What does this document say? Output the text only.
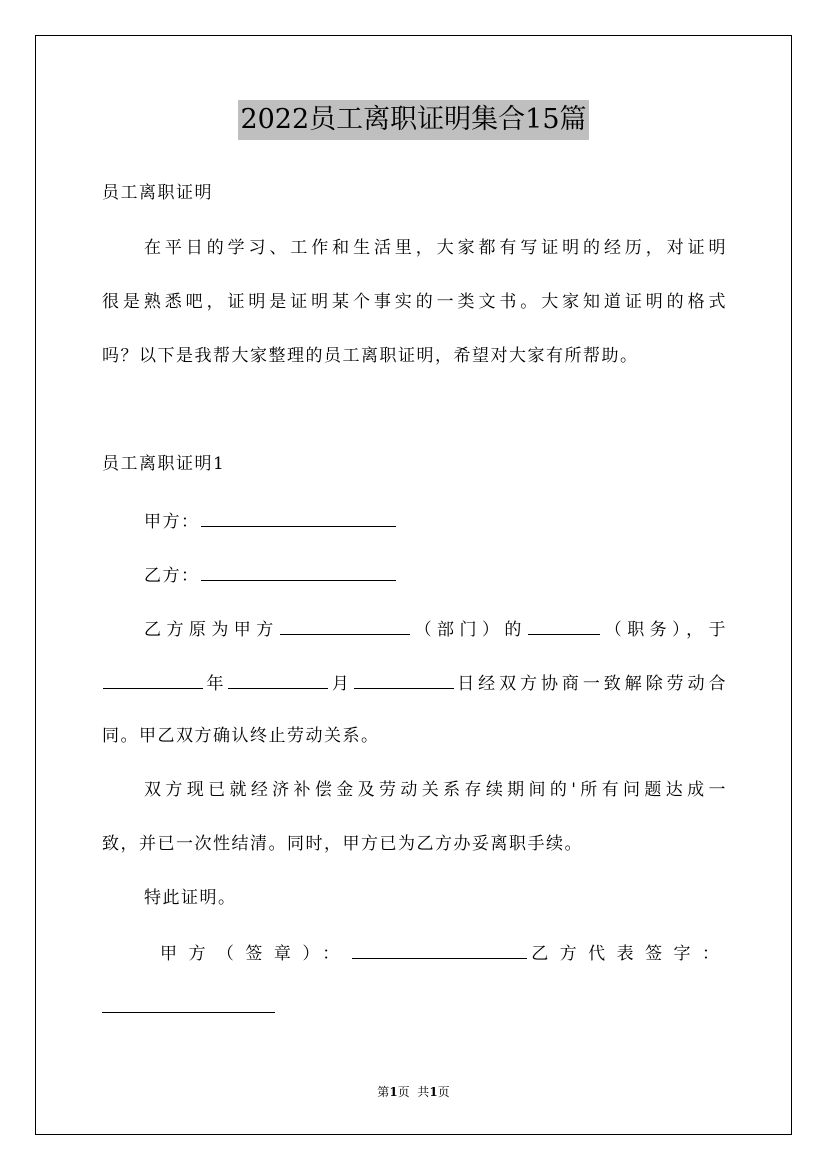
2022员工离职证明集合15篇
员工离职证明
在平日的学习、工作和生活里，大家都有写证明的经历，对证明
很是熟悉吧，证明是证明某个事实的一类文书。大家知道证明的格式
吗？以下是我帮大家整理的员工离职证明，希望对大家有所帮助。
员工离职证明1
甲方：
乙方：
乙方原为甲方	（部门）的	（职务），于
年	月	日经双方协商一致解除劳动合
同。甲乙双方确认终止劳动关系。
双方现已就经济补偿金及劳动关系存续期间的'所有问题达成一
致，并已一次性结清。同时，甲方已为乙方办妥离职手续。
特此证明。
甲方（签章）：	乙方代表签字：
第1页  共1页
